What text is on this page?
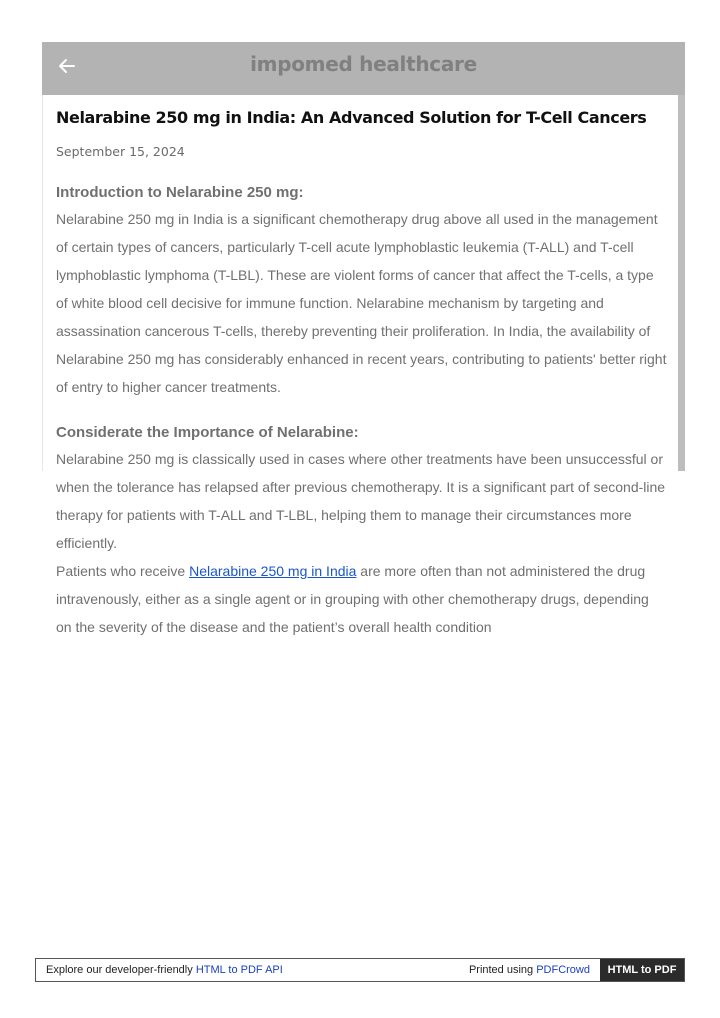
impomed healthcare
Nelarabine 250 mg in India: An Advanced Solution for T-Cell Cancers
September 15, 2024
Introduction to Nelarabine 250 mg:

Nelarabine 250 mg in India is a significant chemotherapy drug above all used in the management of certain types of cancers, particularly T-cell acute lymphoblastic leukemia (T-ALL) and T-cell lymphoblastic lymphoma (T-LBL). These are violent forms of cancer that affect the T-cells, a type of white blood cell decisive for immune function. Nelarabine mechanism by targeting and assassination cancerous T-cells, thereby preventing their proliferation. In India, the availability of Nelarabine 250 mg has considerably enhanced in recent years, contributing to patients' better right of entry to higher cancer treatments.

Considerate the Importance of Nelarabine:

Nelarabine 250 mg is classically used in cases where other treatments have been unsuccessful or when the tolerance has relapsed after previous chemotherapy. It is a significant part of second-line therapy for patients with T-ALL and T-LBL, helping them to manage their circumstances more efficiently.

Patients who receive Nelarabine 250 mg in India are more often than not administered the drug intravenously, either as a single agent or in grouping with other chemotherapy drugs, depending on the severity of the disease and the patient’s overall health condition

Explore our developer-friendly HTML to PDF API	Printed using PDFCrowd	HTML to PDF
